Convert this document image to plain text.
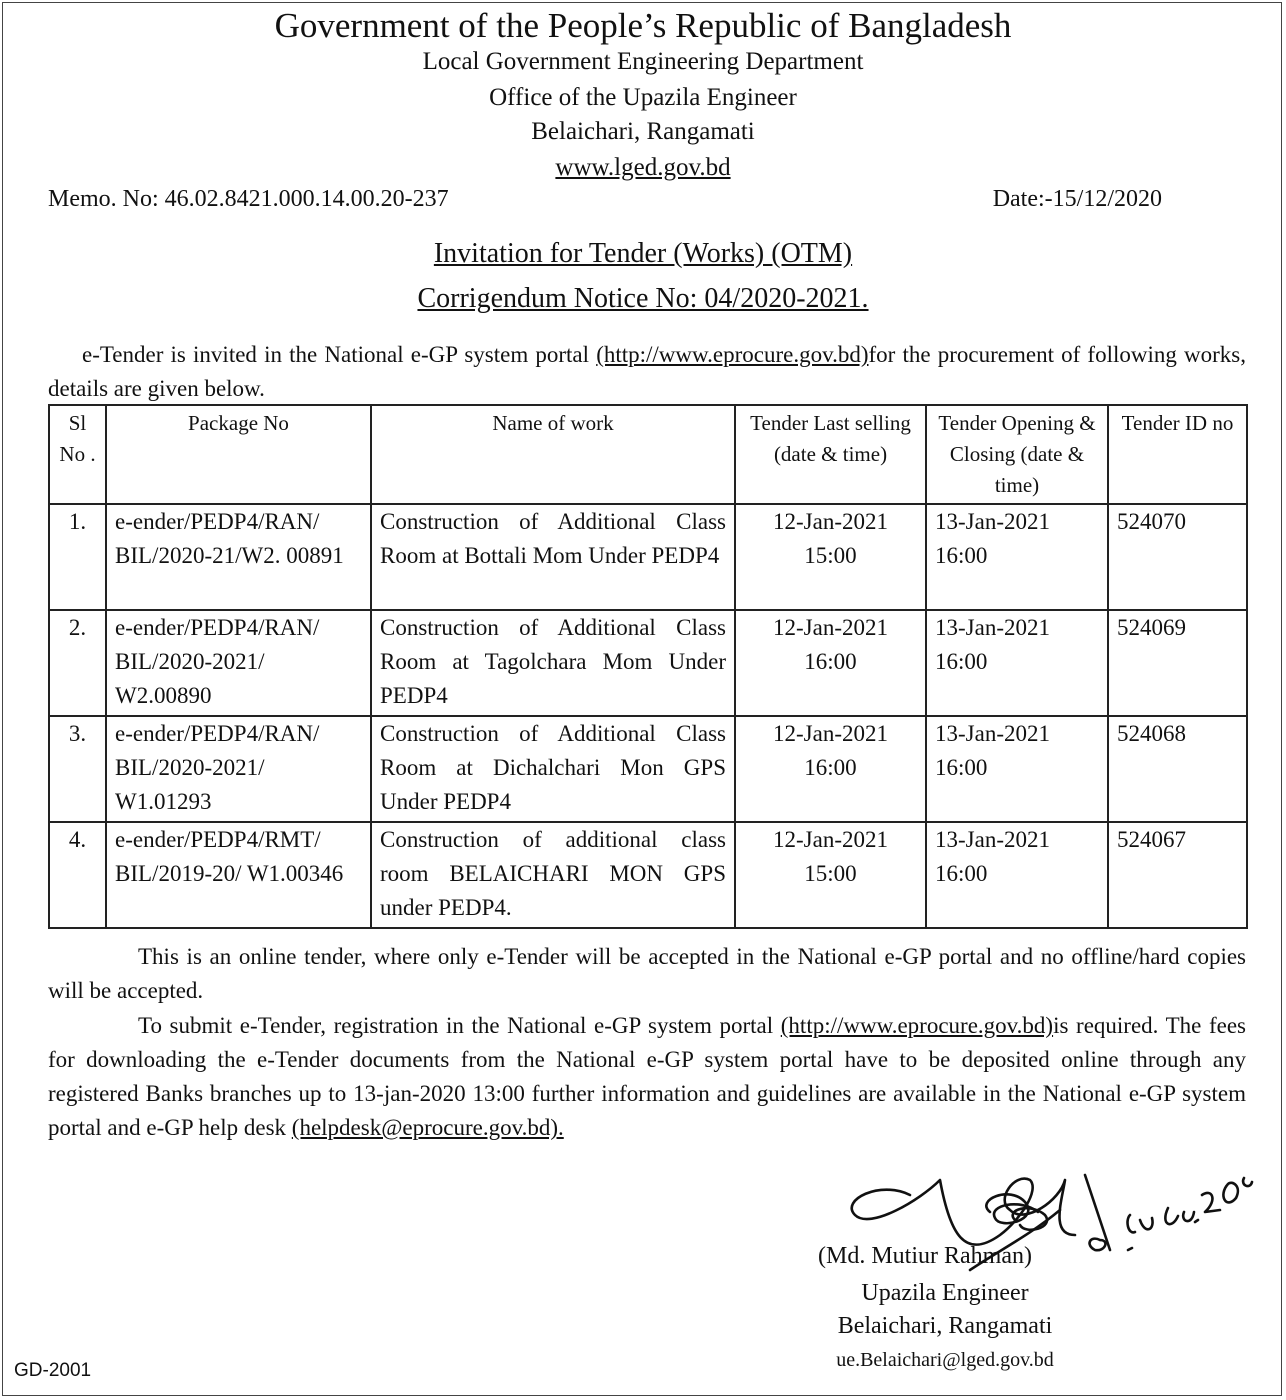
Government of the People’s Republic of Bangladesh
Local Government Engineering Department
Office of the Upazila Engineer
Belaichari, Rangamati
www.lged.gov.bd
Memo. No: 46.02.8421.000.14.00.20-237	Date:-15/12/2020
Invitation for Tender (Works) (OTM)
Corrigendum Notice No: 04/2020-2021.
e-Tender is invited in the National e-GP system portal (http://www.eprocure.gov.bd)for the procurement of following works, details are given below.
Sl No .	Package No	Name of work	Tender Last selling (date & time)	Tender Opening & Closing (date & time)	Tender ID no
1.	e-ender/PEDP4/RAN/ BIL/2020-21/W2. 00891	Construction of Additional Class Room at Bottali Mom Under PEDP4	12-Jan-2021 15:00	13-Jan-2021 16:00	524070
2.	e-ender/PEDP4/RAN/ BIL/2020-2021/ W2.00890	Construction of Additional Class Room at Tagolchara Mom Under PEDP4	12-Jan-2021 16:00	13-Jan-2021 16:00	524069
3.	e-ender/PEDP4/RAN/ BIL/2020-2021/ W1.01293	Construction of Additional Class Room at Dichalchari Mon GPS Under PEDP4	12-Jan-2021 16:00	13-Jan-2021 16:00	524068
4.	e-ender/PEDP4/RMT/ BIL/2019-20/ W1.00346	Construction of additional class room BELAICHARI MON GPS under PEDP4.	12-Jan-2021 15:00	13-Jan-2021 16:00	524067
This is an online tender, where only e-Tender will be accepted in the National e-GP portal and no offline/hard copies will be accepted.
To submit e-Tender, registration in the National e-GP system portal (http://www.eprocure.gov.bd)is required. The fees for downloading the e-Tender documents from the National e-GP system portal have to be deposited online through any registered Banks branches up to 13-jan-2020 13:00 further information and guidelines are available in the National e-GP system portal and e-GP help desk (helpdesk@eprocure.gov.bd).
(Md. Mutiur Rahman)
Upazila Engineer
Belaichari, Rangamati
ue.Belaichari@lged.gov.bd
GD-2001
